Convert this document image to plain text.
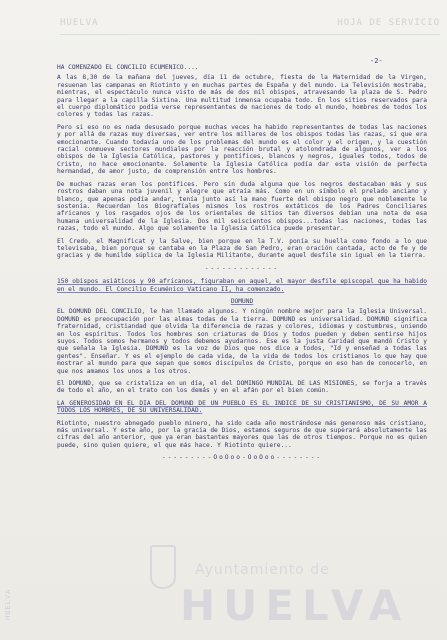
HUELVA	HOJA DE SERVICIO
-2-
HA COMENZADO EL CONCILIO ECUMENICO....

A las 8,30 de la mañana del jueves, día 11 de octubre, fiesta de la Maternidad de la Virgen, resuenan las campanas en Riotinto y en muchas partes de España y del mundo. La Televisión mostraba, mientras, el espectáculo nunca visto de más de dos mil obispos, atravesando la plaza de S. Pedro para llegar a la capilla Sixtina. Una multitud inmensa ocupaba todo. En los sitios reservados para el cuerpo diplomático podía verse representantes de naciones de todo el mundo, hombres de todos los colores y todas las razas.

Pero si eso no es nada desusado porque muchas veces ha habido representantes de todas las naciones y por allá de razas muy diversas, ver entre los millares de los obispos todas las razas, sí que era emocionante. Cuando todavía uno de los problemas del mundo es el color y el origen, y la cuestión racial conmueve sectores mundiales por la reacción brutal y atolondrada de algunos, ver a los obispos de la Iglesia Católica, pastores y pontífices, blancos y negros, iguales todos, todos de Cristo, no hace emocionante. Solamente la Iglesia Católica podía dar esta visión de perfecta hermandad, de amor justo, de comprensión entre los hombres.

De muchas razas eran los pontífices. Pero sin duda alguna que los negros destacaban más y sus rostros daban una nota juvenil y alegre que atraía más. Como en un símbolo el prelado anciano y blanco, que apenas podía andar, tenía junto así la mano fuerte del obispo negro que noblemente le sostenía. Recuerdan los Biografíales mismos los rostros extáticos de los Padres Conciliares africanos y los rasgados ojos de los orientales de sitios tan diversos debían una nota de esa humana universalidad de la Iglesia. Dos mil seiscientos obispos...todas las naciones, todas las razas, todo el mundo. Algo que solamente la Iglesia Católica puede presentar.

El Credo, el Magnificat y la Salve, bien porque en la T.V. ponía su huella como fondo a lo que televisaba, bien porque se cantaba en la Plaza de San Pedro, eran oración cantada, acto de fe y de gracias y de humilde súplica de la Iglesia Militante, durante aquel desfile sin igual en la tierra.

-------------

150 obispos asiáticos y 90 africanos, figuraban en aquel, el mayor desfile episcopal que ha habido en el mundo. El Concilio Ecuménico Vaticano II, ha comenzado.

DOMUND

EL DOMUND DEL CONCILIO, le han llamado algunos. Y ningún nombre mejor para la Iglesia Universal. DOMUND es preocupación por las almas todas de la tierra. DOMUND es universalidad. DOMUND significa fraternidad, cristiandad que olvida la diferencia de razas y colores, idiomas y costumbres, uniendo en los espíritus. Todos los hombres son criaturas de Dios y todos pueden y deben sentirse hijos suyos. Todos somos hermanos y todos debemos ayudarnos. Ese es la justa Caridad que mandó Cristo y que señala la Iglesia. DOMUND es la voz de Dios que nos dice a todos, "Id y enseñad a todas las gentes". Enseñar. Y es el ejemplo de cada vida, de la vida de todos los cristianos lo que hay que mostrar al mundo para que sepan que somos discípulos de Cristo, porque en eso han de conocerlo, en que nos amamos los unos a los otros.

El DOMUND, que se cristaliza en un día, el del DOMINGO MUNDIAL DE LAS MISIONES, se forja a través de todo el año, en el trato con los demás y en el afán por el bien común.

LA GENEROSIDAD EN EL DIA DEL DOMUND DE UN PUEBLO ES EL INDICE DE SU CRISTIANISMO, DE SU AMOR A TODOS LOS HOMBRES, DE SU UNIVERSALIDAD.

Riotinto, nuestro abnegado pueblo minero, ha sido cada año mostrándose más generoso más cristiano, más universal. Y este año, por la gracia de Dios, estamos seguros de que superará absolutamente las cifras del año anterior, que ya eran bastantes mayores que las de otros tiempos. Porque no es quien puede, sino quien quiere, el que más hace. Y Riotinto quiere...

---------OoOoo-OoOoo--------
HUELVA
Ayuntamiento de
HUELVA
